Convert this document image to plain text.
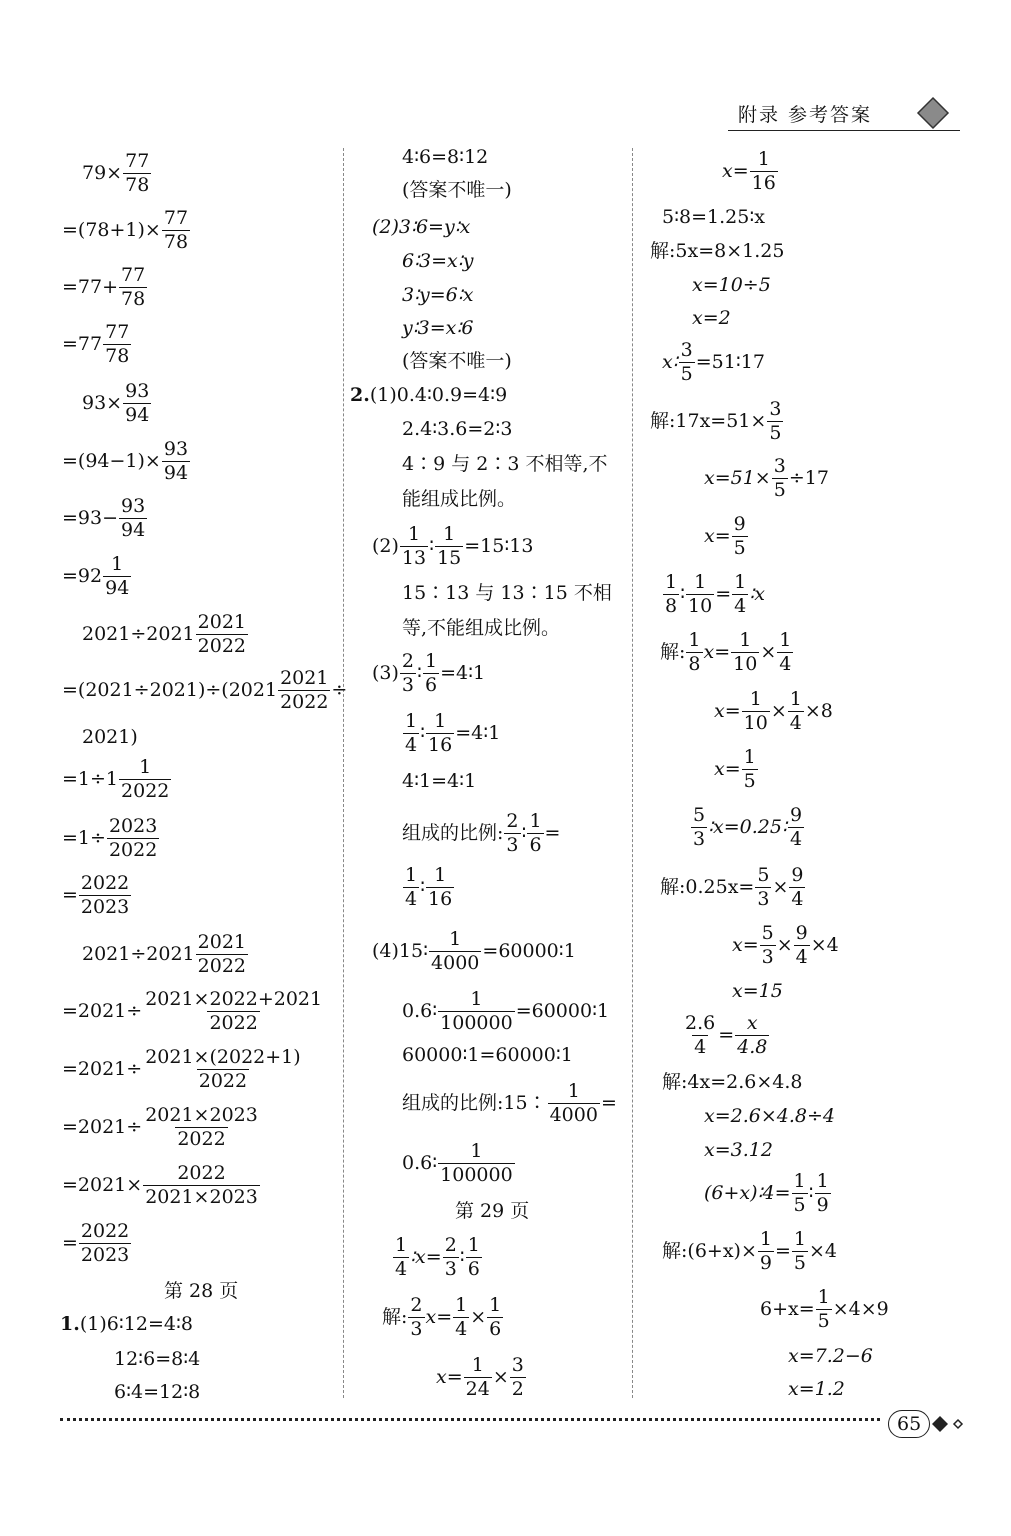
附录 参考答案
$79\times \frac{77}{78}$
$=(78+1)\times \frac{77}{78}$
$=77+ \frac{77}{78}$
$=77 \frac{77}{78}$
$93\times \frac{93}{94}$
$=(94-1)\times \frac{93}{94}$
$=93- \frac{93}{94}$
$=92 \frac{1}{94}$
$2021\div 2021 \frac{2021}{2022}$
$=(2021\div 2021)\div(2021 \frac{2021}{2022}$ ÷
2021)
$=1\div 1 \frac{1}{2022}$
$=1\div \frac{2023}{2022}$
= $\frac{2022}{2023}$
$2021\div 2021 \frac{2021}{2022}$
$=2021\div \frac{2021\times 2022+2021}{2022}$
$=2021\div \frac{2021\times(2022+1)}{2022}$
$=2021\div \frac{2021\times 2023}{2022}$
$=2021\times \frac{2022}{2021\times 2023}$
= $\frac{2022}{2023}$
第 28 页
1.(1)6∶12=4∶8
12∶6=8∶4
6∶4=12∶8
4∶6=8∶12
(答案不唯一)
(2)3∶6=y∶x
6∶3=x∶y
3∶y=6∶x
y∶3=x∶6
(答案不唯一)
2.(1)0.4∶0.9=4∶9
2.4∶3.6=2∶3
4∶9 与 2∶3 不相等,不
能组成比例。
$(2) \frac{1}{13}$ ∶ $\frac{1}{15}$ =15∶13
15∶13 与 13∶15 不相
等,不能组成比例。
$(3) \frac{2}{3}$ ∶ $\frac{1}{6}$ =4∶1
$\frac{1}{4}$ ∶ $\frac{1}{16}$ =4∶1
4∶1=4∶1
组成的比例: $\frac{2}{3}$ ∶ $\frac{1}{6}$ =
$\frac{1}{4}$ ∶ $\frac{1}{16}$
(4)15∶ $\frac{1}{4000}$ =60000∶1
0.6∶ $\frac{1}{100000}$ =60000∶1
60000∶1=60000∶1
组成的比例:15∶ $\frac{1}{4000}$ =
0.6∶ $\frac{1}{100000}$
第 29 页
$\frac{1}{4}$ ∶x= $\frac{2}{3}$ ∶ $\frac{1}{6}$
解: $\frac{2}{3} x= \frac{1}{4} \times \frac{1}{6}$
$x= \frac{1}{24} \times \frac{3}{2}$
$x= \frac{1}{16}$
5∶8=1.25∶x
解:5x=8×1.25
x=10÷5
x=2
x∶ $\frac{3}{5}$ =51∶17
解:17x=51× $\frac{3}{5}$
$x=51\times \frac{3}{5} \div 17$
$x= \frac{9}{5}$
$\frac{1}{8}$ ∶ $\frac{1}{10} = \frac{1}{4}$ ∶x
解: $\frac{1}{8} x= \frac{1}{10} \times \frac{1}{4}$
$x= \frac{1}{10} \times \frac{1}{4} \times 8$
$x= \frac{1}{5}$
$\frac{5}{3}$ ∶x=0.25∶ $\frac{9}{4}$
解:0.25x= $\frac{5}{3} \times \frac{9}{4}$
$x= \frac{5}{3} \times \frac{9}{4} \times 4$
x=15
$\frac{2.6}{4} = \frac{x}{4.8}$
解:4x=2.6×4.8
x=2.6×4.8÷4
x=3.12
(6+x)∶4= $\frac{1}{5}$ ∶ $\frac{1}{9}$
解:(6+x)× $\frac{1}{9} = \frac{1}{5} \times 4$
$6+x= \frac{1}{5} \times 4\times 9$
x=7.2−6
x=1.2
65
